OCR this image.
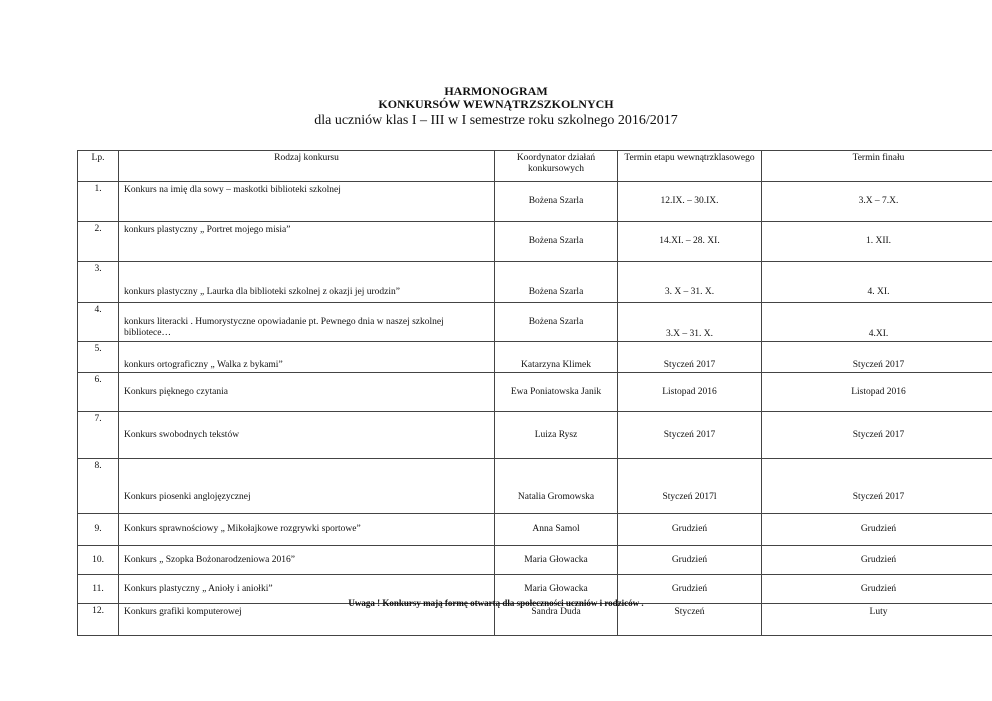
HARMONOGRAM
KONKURSÓW WEWNĄTRZSZKOLNYCH
dla uczniów klas I – III w I semestrze roku szkolnego 2016/2017
Lp.	Rodzaj konkursu	Koordynator działań konkursowych	Termin etapu wewnątrzklasowego	Termin finału
1.	Konkurs na imię dla sowy – maskotki biblioteki szkolnej	Bożena Szarla	12.IX. – 30.IX.	3.X – 7.X.
2.	konkurs plastyczny „ Portret mojego misia”	Bożena Szarla	14.XI. – 28. XI.	1. XII.
3.	konkurs plastyczny „ Laurka dla biblioteki szkolnej z okazji jej urodzin”	Bożena Szarla	3. X – 31. X.	4. XI.
4.	konkurs literacki . Humorystyczne opowiadanie pt. Pewnego dnia w naszej szkolnej bibliotece…	Bożena Szarla	3.X – 31. X.	4.XI.
5.	konkurs ortograficzny „ Walka z bykami”	Katarzyna Klimek	Styczeń 2017	Styczeń 2017
6.	Konkurs pięknego czytania	Ewa Poniatowska Janik	Listopad 2016	Listopad 2016
7.	Konkurs swobodnych tekstów	Luiza Rysz	Styczeń 2017	Styczeń 2017
8.	Konkurs piosenki anglojęzycznej	Natalia Gromowska	Styczeń 2017l	Styczeń 2017
9.	Konkurs sprawnościowy „ Mikołajkowe rozgrywki sportowe”	Anna Samol	Grudzień	Grudzień
10.	Konkurs „ Szopka Bożonarodzeniowa 2016”	Maria Głowacka	Grudzień	Grudzień
11.	Konkurs plastyczny „ Anioły i aniołki”	Maria Głowacka	Grudzień	Grudzień
12.	Konkurs grafiki komputerowej	Sandra Duda	Styczeń	Luty
Uwaga ! Konkursy mają formę otwartą dla społeczności uczniów i rodziców .
